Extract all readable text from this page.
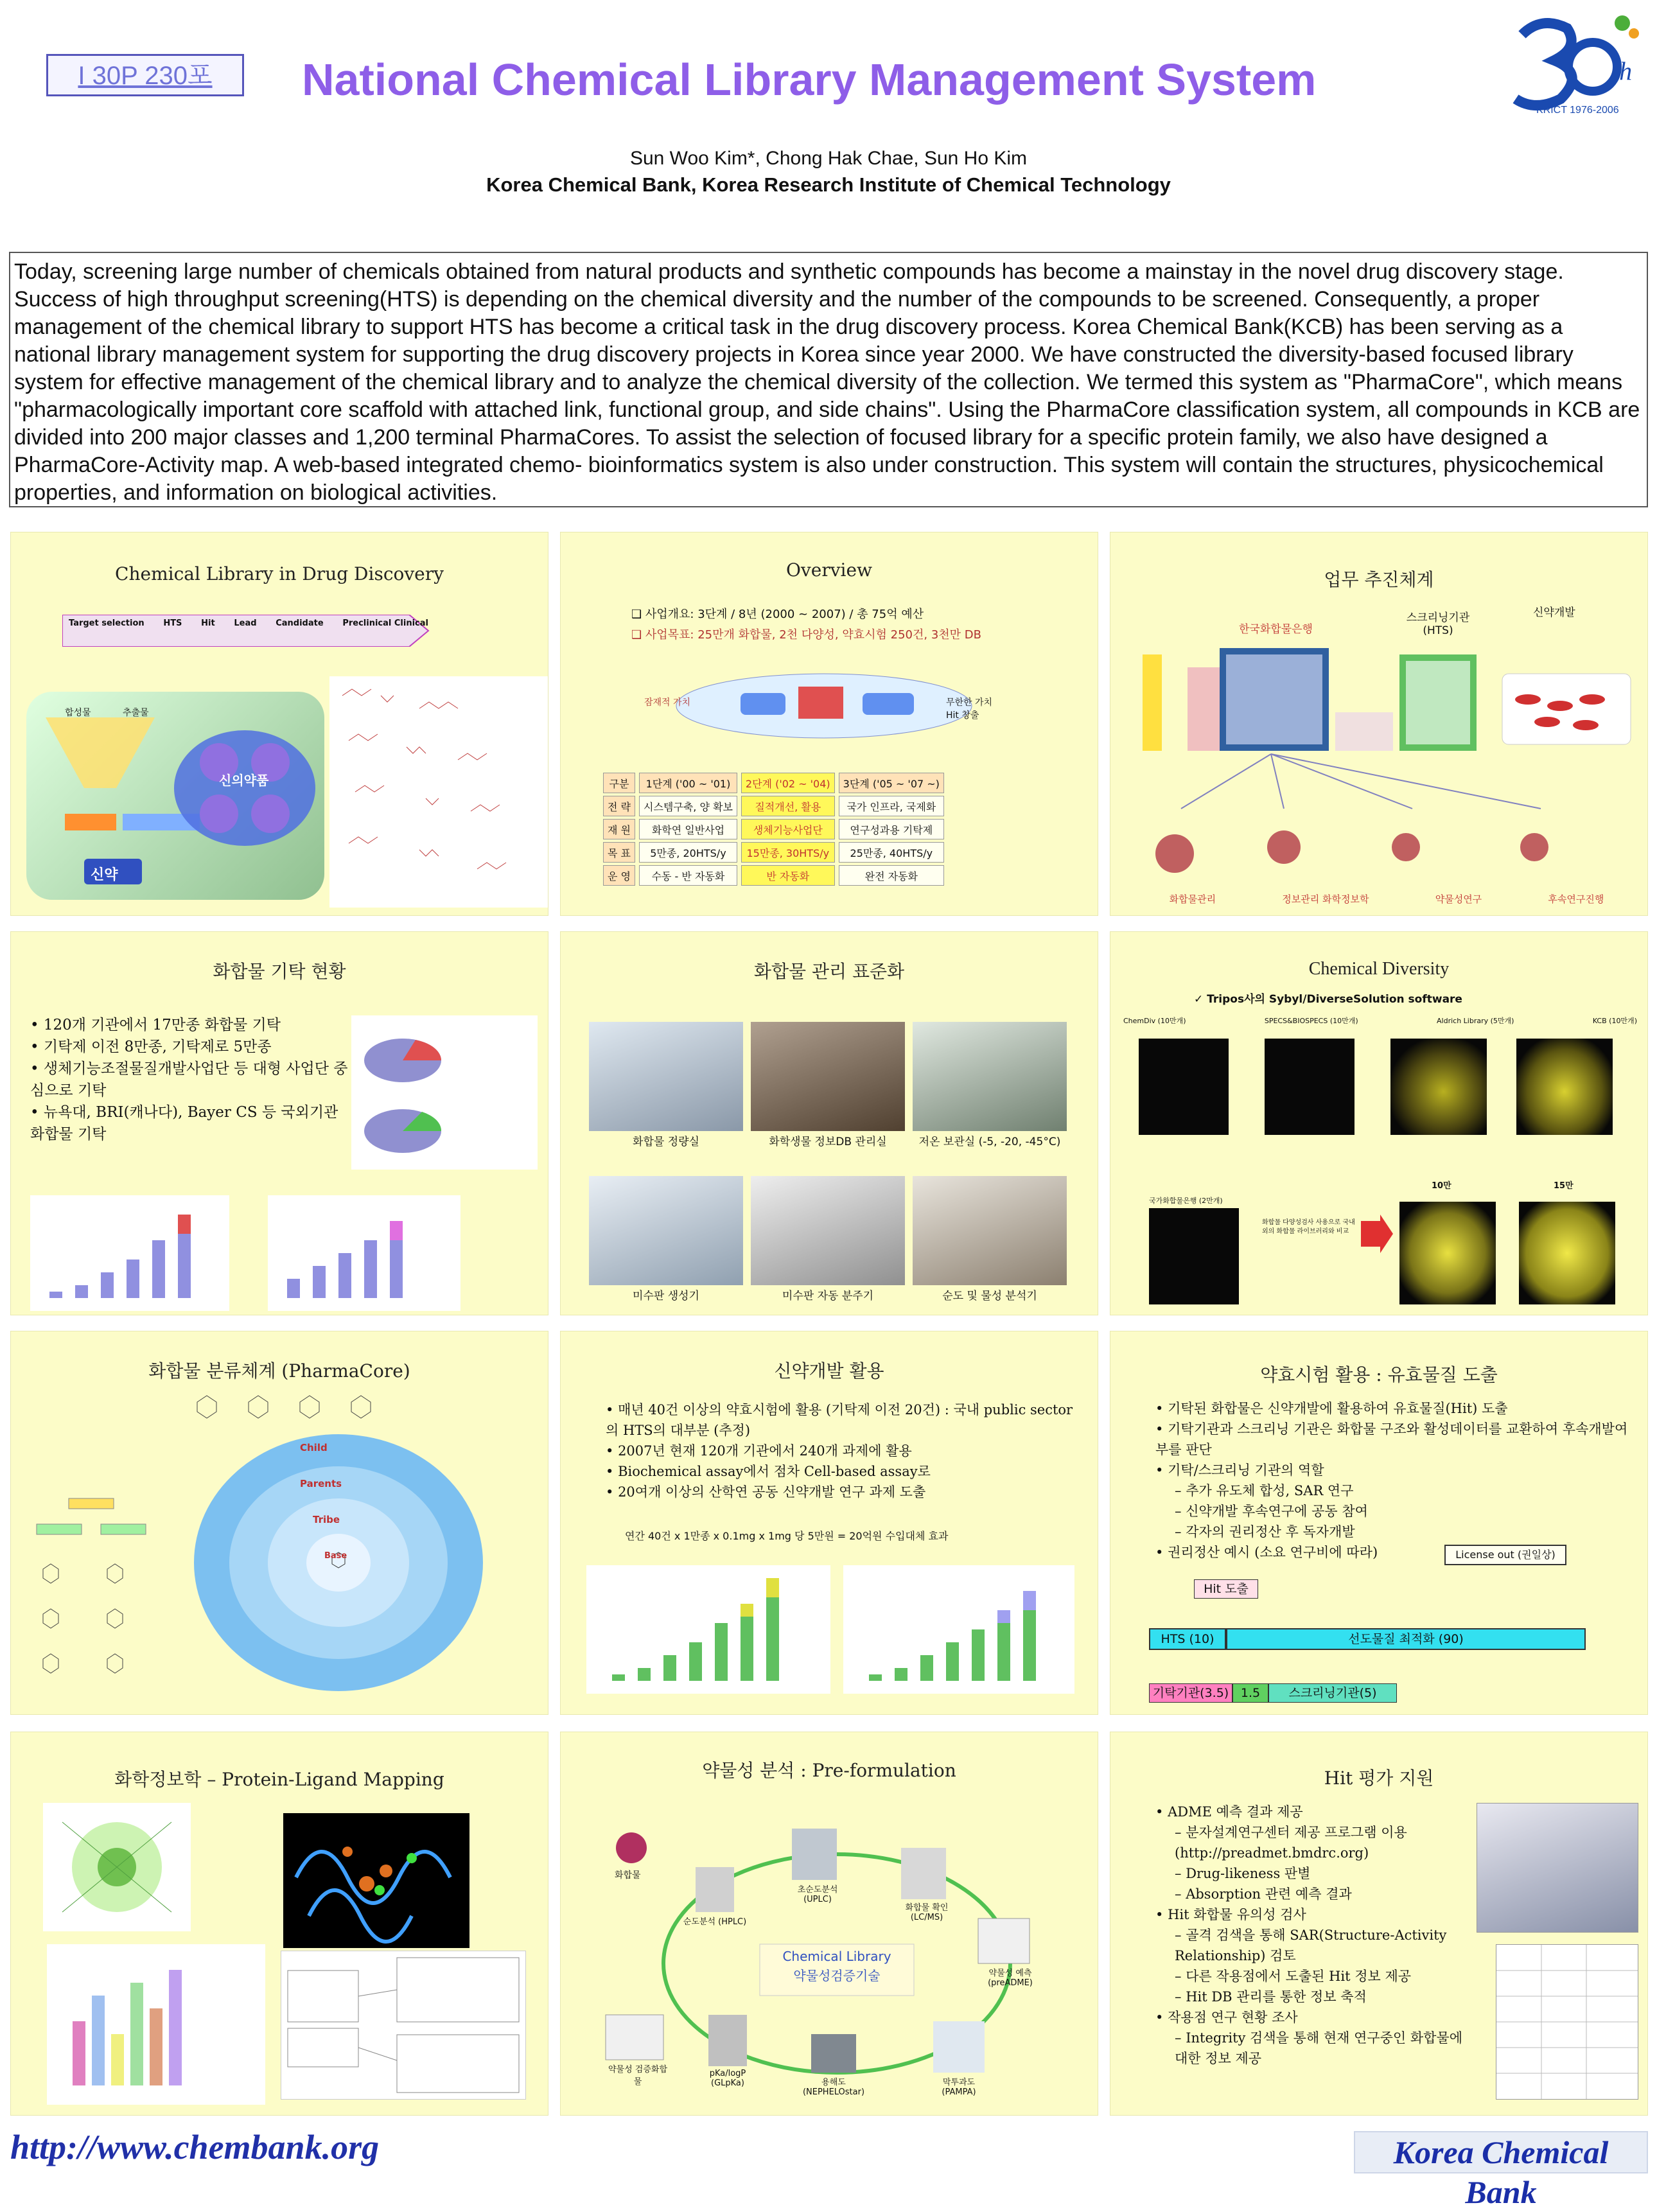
I 30P 230포	National Chemical Library Management System	th
KRICT 1976-2006
Sun Woo Kim*, Chong Hak Chae, Sun Ho Kim
Korea Chemical Bank, Korea Research Institute of Chemical Technology
Today, screening large number of chemicals obtained from natural products and synthetic compounds has become a mainstay in the novel drug discovery stage. Success of high throughput screening(HTS) is depending on the chemical diversity and the number of the compounds to be screened. Consequently, a proper management of the chemical library to support HTS has become a critical task in the drug discovery process. Korea Chemical Bank(KCB) has been serving as a national library management system for supporting the drug discovery projects in Korea since year 2000. We have constructed the diversity-based focused library system for effective management of the chemical library and to analyze the chemical diversity of the collection. We termed this system as "PharmaCore", which means "pharmacologically important core scaffold with attached link, functional group, and side chains". Using the PharmaCore classification system, all compounds in KCB are divided into 200 major classes and 1,200 terminal PharmaCores. To assist the selection of focused library for a specific protein family, we also have designed a PharmaCore-Activity map. A web-based integrated chemo- bioinformatics system is also under construction. This system will contain the structures, physicochemical properties, and information on biological activities.
Chemical Library in Drug Discovery
Target selection HTS Hit Lead Candidate Preclinical Clinical
신의약품
신약
합성물	추출물
Overview
❑ 사업개요: 3단계 / 8년 (2000 ~ 2007) / 총 75억 예산
❑ 사업목표: 25만개 화합물, 2천 다양성, 약효시험 250건, 3천만 DB
잠재적 가치	무한한 가치 Hit 창출
구분	1단계 ('00 ~ '01)	2단계 ('02 ~ '04)	3단계 ('05 ~ '07 ~)
전 략	시스템구축, 양 확보	질적개선, 활용	국가 인프라, 국제화
재 원	화학연 일반사업	생체기능사업단	연구성과용 기탁제
목 표	5만종, 20HTS/y	15만종, 30HTS/y	25만종, 40HTS/y
운 영	수동 - 반 자동화	반 자동화	완전 자동화
업무 추진체계
한국화합물은행
스크리닝기관 (HTS)
신약개발
화합물관리	정보관리 화학정보학	약물성연구	후속연구진행
화합물 기탁 현황
• 120개 기관에서 17만종 화합물 기탁
• 기탁제 이전 8만종, 기탁제로 5만종
• 생체기능조절물질개발사업단 등 대형 사업단 중심으로 기탁
• 뉴욕대, BRI(캐나다), Bayer CS 등 국외기관 화합물 기탁
화합물 관리 표준화
화합물 정량실	화학생물 정보DB 관리실	저온 보관실 (-5, -20, -45°C)
미수판 생성기	미수판 자동 분주기	순도 및 물성 분석기
Chemical Diversity
✓ Tripos사의 Sybyl/DiverseSolution software
ChemDiv (10만개)	SPECS&BIOSPECS (10만개)	Aldrich Library (5만개)	KCB (10만개)
국가화합물은행 (2만개)
화합물 다양성검사 사용으로 국내외의 화합물 라이브러리와 비교
10만	15만
화합물 분류체계 (PharmaCore)
Child
Parents
Tribe
Base
신약개발 활용
• 매년 40건 이상의 약효시험에 활용 (기탁제 이전 20건) : 국내 public sector의 HTS의 대부분 (추정)
• 2007년 현재 120개 기관에서 240개 과제에 활용
• Biochemical assay에서 점차 Cell-based assay로
• 20여개 이상의 산학연 공동 신약개발 연구 과제 도출
연간 40건 x 1만종 x 0.1mg x 1mg 당 5만원 = 20억원 수입대체 효과
약효시험 활용 : 유효물질 도출
• 기탁된 화합물은 신약개발에 활용하여 유효물질(Hit) 도출
• 기탁기관과 스크리닝 기관은 화합물 구조와 활성데이터를 교환하여 후속개발여부를 판단
• 기탁/스크리닝 기관의 역할
– 추가 유도체 합성, SAR 연구
– 신약개발 후속연구에 공동 참여
– 각자의 권리정산 후 독자개발
• 권리정산 예시 (소요 연구비에 따라)	License out (권일상)
Hit 도출
HTS (10)	선도물질 최적화 (90)
기탁기관(3.5) 1.5	스크리닝기관(5)
화학정보학 – Protein-Ligand Mapping	약물성 분석 : Pre-formulation
Chemical Library
약물성검증기술
화합물
순도분석 (HPLC)
초순도분석 (UPLC)
화합물 확인 (LC/MS)
약물성 예측 (preADME)
막투과도 (PAMPA)
용해도 (NEPHELOstar)
pKa/logP (GLpKa)
약물성 검증화합물
Hit 평가 지원
• ADME 예측 결과 제공
– 분자설계연구센터 제공 프로그램 이용 (http://preadmet.bmdrc.org)
– Drug-likeness 판별
– Absorption 관련 예측 결과
• Hit 화합물 유의성 검사
– 골격 검색을 통해 SAR(Structure-Activity Relationship) 검토
– 다른 작용점에서 도출된 Hit 정보 제공
– Hit DB 관리를 통한 정보 축적
• 작용점 연구 현황 조사
– Integrity 검색을 통해 현재 연구중인 화합물에 대한 정보 제공
http://www.chembank.org	Korea Chemical Bank
